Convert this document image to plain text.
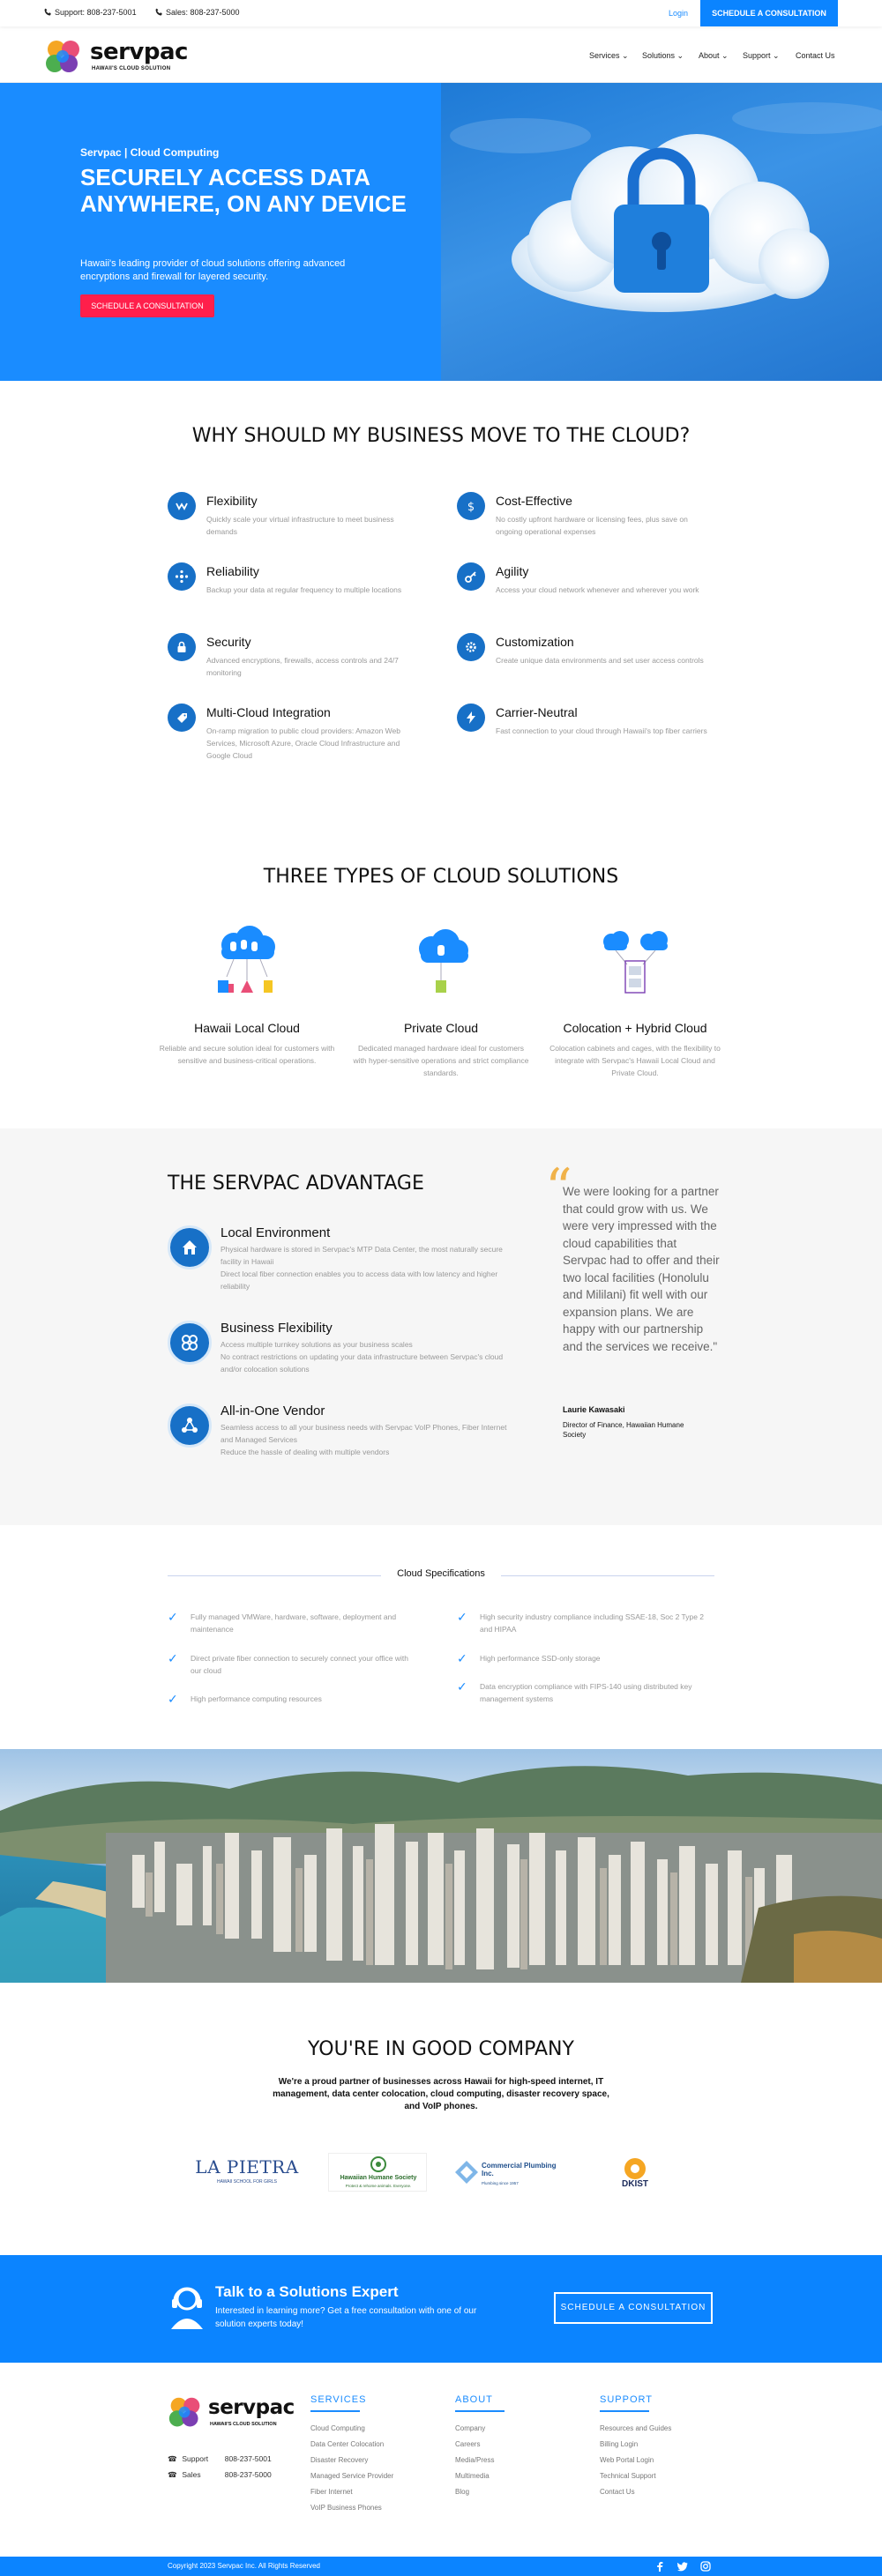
Support: 808-237-5001	Sales: 808-237-5000	Login	SCHEDULE A CONSULTATION
servpac
HAWAII'S CLOUD SOLUTION
Services ⌄ Solutions ⌄ About ⌄ Support ⌄ Contact Us
Servpac | Cloud Computing
SECURELY ACCESS DATA ANYWHERE, ON ANY DEVICE
Hawaii's leading provider of cloud solutions offering advanced encryptions and firewall for layered security.
SCHEDULE A CONSULTATION
WHY SHOULD MY BUSINESS MOVE TO THE CLOUD?
Flexibility
Quickly scale your virtual infrastructure to meet business demands
$ Cost-Effective
No costly upfront hardware or licensing fees, plus save on ongoing operational expenses
Reliability
Backup your data at regular frequency to multiple locations
Agility
Access your cloud network whenever and wherever you work
Security
Advanced encryptions, firewalls, access controls and 24/7 monitoring
Customization
Create unique data environments and set user access controls
Multi-Cloud Integration
On-ramp migration to public cloud providers: Amazon Web Services, Microsoft Azure, Oracle Cloud Infrastructure and Google Cloud
Carrier-Neutral
Fast connection to your cloud through Hawaii's top fiber carriers
THREE TYPES OF CLOUD SOLUTIONS
Hawaii Local Cloud
Reliable and secure solution ideal for customers with sensitive and business-critical operations.
Private Cloud
Dedicated managed hardware ideal for customers with hyper-sensitive operations and strict compliance standards.
Colocation + Hybrid Cloud
Colocation cabinets and cages, with the flexibility to integrate with Servpac's Hawaii Local Cloud and Private Cloud.
THE SERVPAC ADVANTAGE
Local Environment
Physical hardware is stored in Servpac's MTP Data Center, the most naturally secure facility in Hawaii
Direct local fiber connection enables you to access data with low latency and higher reliability
Business Flexibility
Access multiple turnkey solutions as your business scales
No contract restrictions on updating your data infrastructure between Servpac's cloud and/or colocation solutions
All-in-One Vendor
Seamless access to all your business needs with Servpac VoIP Phones, Fiber Internet and Managed Services
Reduce the hassle of dealing with multiple vendors
“
We were looking for a partner that could grow with us. We were very impressed with the cloud capabilities that Servpac had to offer and their two local facilities (Honolulu and Mililani) fit well with our expansion plans. We are happy with our partnership and the services we receive."
Laurie Kawasaki
Director of Finance, Hawaiian Humane Society
Cloud Specifications
✓ Fully managed VMWare, hardware, software, deployment and maintenance
✓ Direct private fiber connection to securely connect your office with our cloud
✓ High performance computing resources
✓ High security industry compliance including SSAE-18, Soc 2 Type 2 and HIPAA
✓ High performance SSD-only storage
✓ Data encryption compliance with FIPS-140 using distributed key management systems
YOU'RE IN GOOD COMPANY
We're a proud partner of businesses across Hawaii for high-speed internet, IT management, data center colocation, cloud computing, disaster recovery space, and VoIP phones.
LA PIETRA
HAWAII SCHOOL FOR GIRLS
Hawaiian Humane Society
Protect & rehome animals. Everyone.
Commercial Plumbing Inc.
Plumbing since 1957	DKIST
Talk to a Solutions Expert
Interested in learning more? Get a free consultation with one of our solution experts today!
SCHEDULE A CONSULTATION
servpac
HAWAII'S CLOUD SOLUTION
☎ Support 808-237-5001
☎ Sales	808-237-5000
SERVICES
Cloud Computing
Data Center Colocation
Disaster Recovery
Managed Service Provider
Fiber Internet
VoIP Business Phones
ABOUT
Company
Careers
Media/Press
Multimedia
Blog
SUPPORT
Resources and Guides
Billing Login
Web Portal Login
Technical Support
Contact Us
Copyright 2023 Servpac Inc. All Rights Reserved
